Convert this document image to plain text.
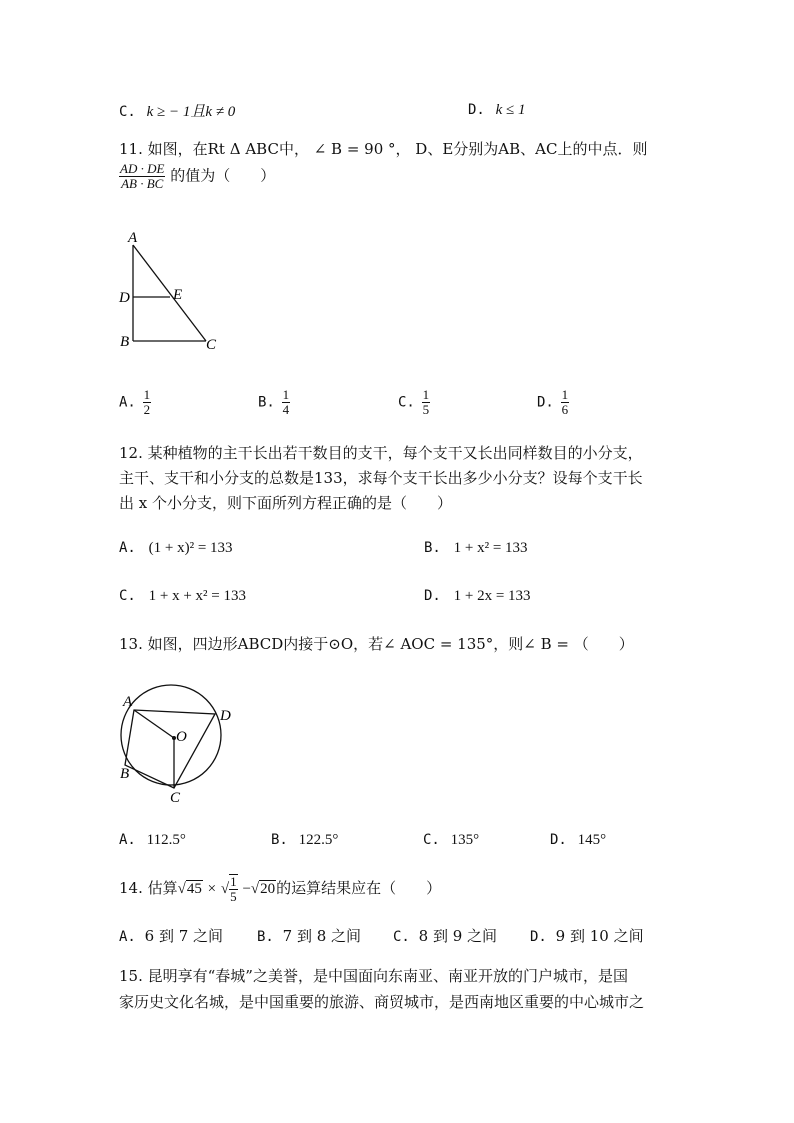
C. k ≥ − 1且k ≠ 0	D. k ≤ 1
11. 如图，在Rt Δ ABC中， ∠ B = 90 °， D、E分别为AB、AC上的中点．则
$\frac{AD \cdot DE}{AB \cdot BC}$ 的值为（　　）
A
D	E
B	C
A. $\frac{1}{2}$	B. $\frac{1}{4}$	C. $\frac{1}{5}$	D. $\frac{1}{6}$
12. 某种植物的主干长出若干数目的支干，每个支干又长出同样数目的小分支，
主干、支干和小分支的总数是133，求每个支干长出多少小分支？设每个支干长
出 x 个小分支，则下面所列方程正确的是（　　）
A. (1 + x)² = 133	B. 1 + x² = 133
C. 1 + x + x² = 133	D. 1 + 2x = 133
13. 如图，四边形ABCD内接于⊙O，若∠ AOC = 135°，则∠ B = （　　）
A
D
O
B
C
A. 112.5°	B. 122.5°	C. 135°	D. 145°
14. 估算√45 × √ $\frac{1}{5} -√20$的运算结果应在（　　）
A. 6 到 7 之间 B. 7 到 8 之间 C. 8 到 9 之间 D. 9 到 10 之间
15. 昆明享有“春城”之美誉，是中国面向东南亚、南亚开放的门户城市，是国
家历史文化名城，是中国重要的旅游、商贸城市，是西南地区重要的中心城市之
